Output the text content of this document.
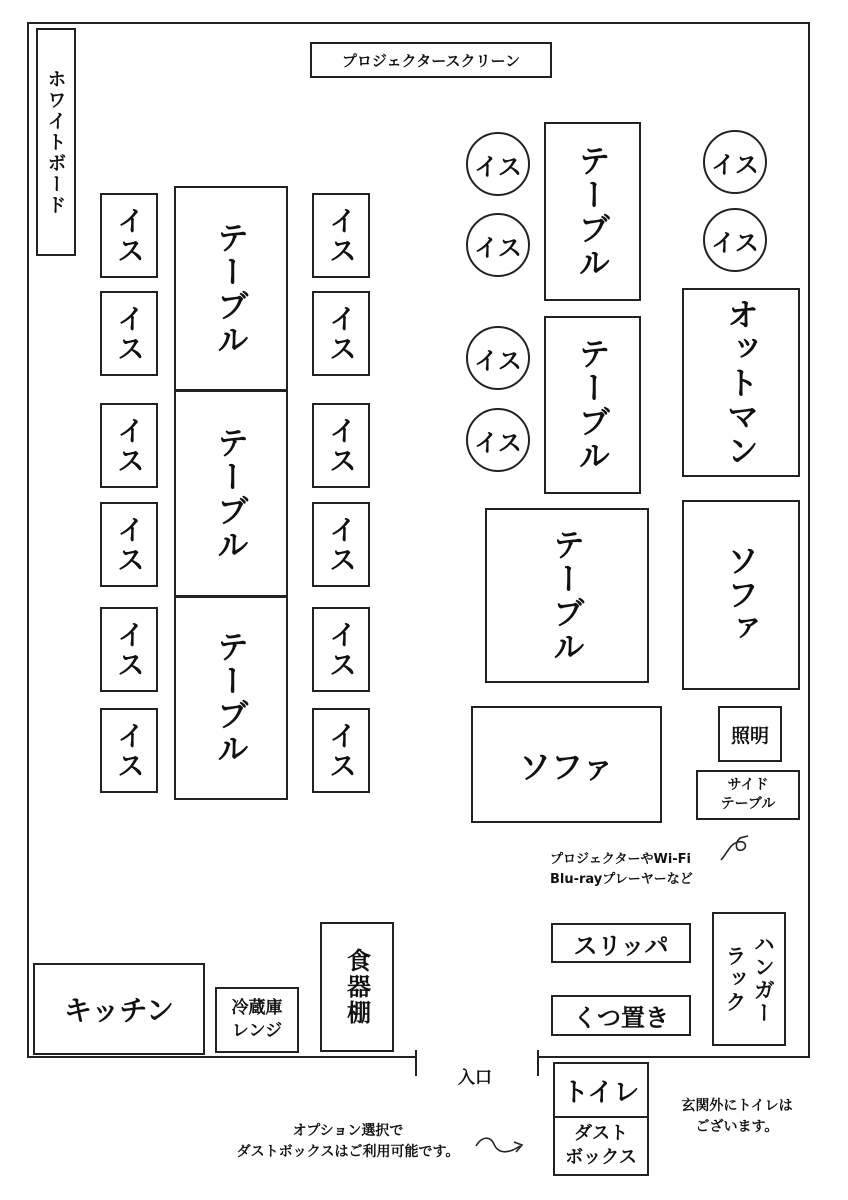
入口
プロジェクタースクリーン
ホワイトボード
イス
イス
イス
イス
イス
イス
テーブル
テーブル
テーブル
イス
イス
イス
イス
イス
イス
イス
イス
イス
イス
イス
イス
テーブル
テーブル
テーブル
オットマン
ソファ
ソファ
照明
サイド
テーブル
プロジェクターやWi-Fi
Blu-rayプレーヤーなど
スリッパ
くつ置き	ハンガー
ラック
食器棚
キッチン	冷蔵庫
レンジ
トイレ
ダスト
ボックス
玄関外にトイレは
ございます。
オプション選択で
ダストボックスはご利用可能です。
